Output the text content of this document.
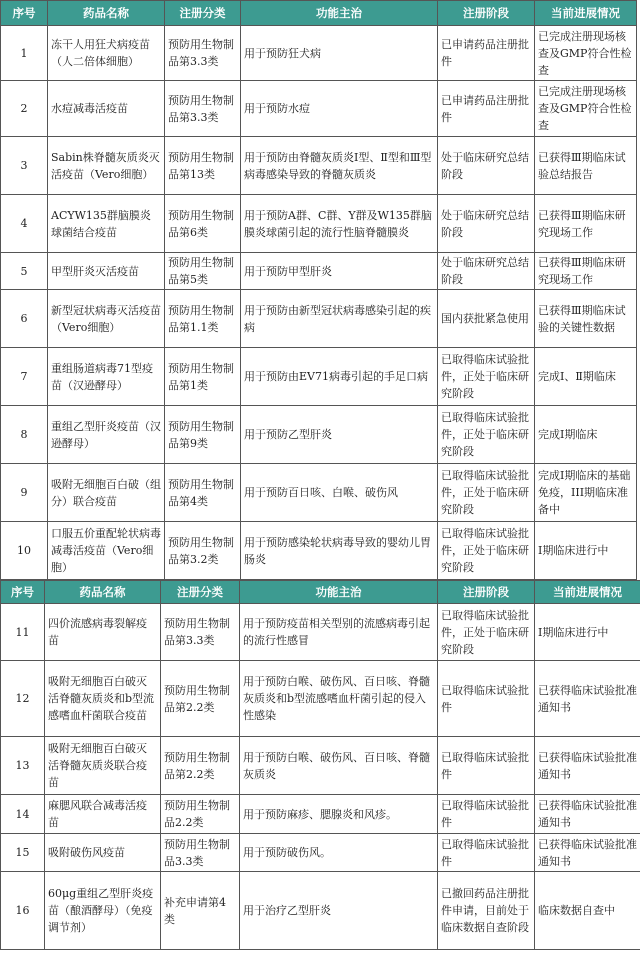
序号	药品名称	注册分类	功能主治	注册阶段	当前进展情况
1	冻干人用狂犬病疫苗（人二倍体细胞）	预防用生物制品第3.3类	用于预防狂犬病	已申请药品注册批件	已完成注册现场核查及GMP符合性检查
2	水痘减毒活疫苗	预防用生物制品第3.3类	用于预防水痘	已申请药品注册批件	已完成注册现场核查及GMP符合性检查
3	Sabin株脊髓灰质炎灭活疫苗（Vero细胞）	预防用生物制品第13类	用于预防由脊髓灰质炎Ⅰ型、Ⅱ型和Ⅲ型病毒感染导致的脊髓灰质炎	处于临床研究总结阶段	已获得Ⅲ期临床试验总结报告
4	ACYW135群脑膜炎球菌结合疫苗	预防用生物制品第6类	用于预防A群、C群、Y群及W135群脑膜炎球菌引起的流行性脑脊髓膜炎	处于临床研究总结阶段	已获得Ⅲ期临床研究现场工作
5	甲型肝炎灭活疫苗	预防用生物制品第5类	用于预防甲型肝炎	处于临床研究总结阶段	已获得Ⅲ期临床研究现场工作
6	新型冠状病毒灭活疫苗（Vero细胞）	预防用生物制品第1.1类	用于预防由新型冠状病毒感染引起的疾病	国内获批紧急使用	已获得Ⅲ期临床试验的关键性数据
7	重组肠道病毒71型疫苗（汉逊酵母）	预防用生物制品第1类	用于预防由EV71病毒引起的手足口病	已取得临床试验批件，正处于临床研究阶段	完成Ⅰ、Ⅱ期临床
8	重组乙型肝炎疫苗（汉逊酵母）	预防用生物制品第9类	用于预防乙型肝炎	已取得临床试验批件，正处于临床研究阶段	完成Ⅰ期临床
9	吸附无细胞百白破（组分）联合疫苗	预防用生物制品第4类	用于预防百日咳、白喉、破伤风	已取得临床试验批件，正处于临床研究阶段	完成Ⅰ期临床的基础免疫，III期临床准备中
10	口服五价重配轮状病毒减毒活疫苗（Vero细胞）	预防用生物制品第3.2类	用于预防感染轮状病毒导致的婴幼儿胃肠炎	已取得临床试验批件，正处于临床研究阶段	Ⅰ期临床进行中
序号	药品名称	注册分类	功能主治	注册阶段	当前进展情况
11	四价流感病毒裂解疫苗	预防用生物制品第3.3类	用于预防疫苗相关型别的流感病毒引起的流行性感冒	已取得临床试验批件，正处于临床研究阶段	Ⅰ期临床进行中
12	吸附无细胞百白破灭活脊髓灰质炎和b型流感嗜血杆菌联合疫苗	预防用生物制品第2.2类	用于预防白喉、破伤风、百日咳、脊髓灰质炎和b型流感嗜血杆菌引起的侵入性感染	已取得临床试验批件	已获得临床试验批准通知书
13	吸附无细胞百白破灭活脊髓灰质炎联合疫苗	预防用生物制品第2.2类	用于预防白喉、破伤风、百日咳、脊髓灰质炎	已取得临床试验批件	已获得临床试验批准通知书
14	麻腮风联合减毒活疫苗	预防用生物制品2.2类	用于预防麻疹、腮腺炎和风疹。	已取得临床试验批件	已获得临床试验批准通知书
15	吸附破伤风疫苗	预防用生物制品3.3类	用于预防破伤风。	已取得临床试验批件	已获得临床试验批准通知书
16	60μg重组乙型肝炎疫苗（酿酒酵母）（免疫调节剂）	补充申请第4类	用于治疗乙型肝炎	已撤回药品注册批件申请，目前处于临床数据自查阶段	临床数据自查中
